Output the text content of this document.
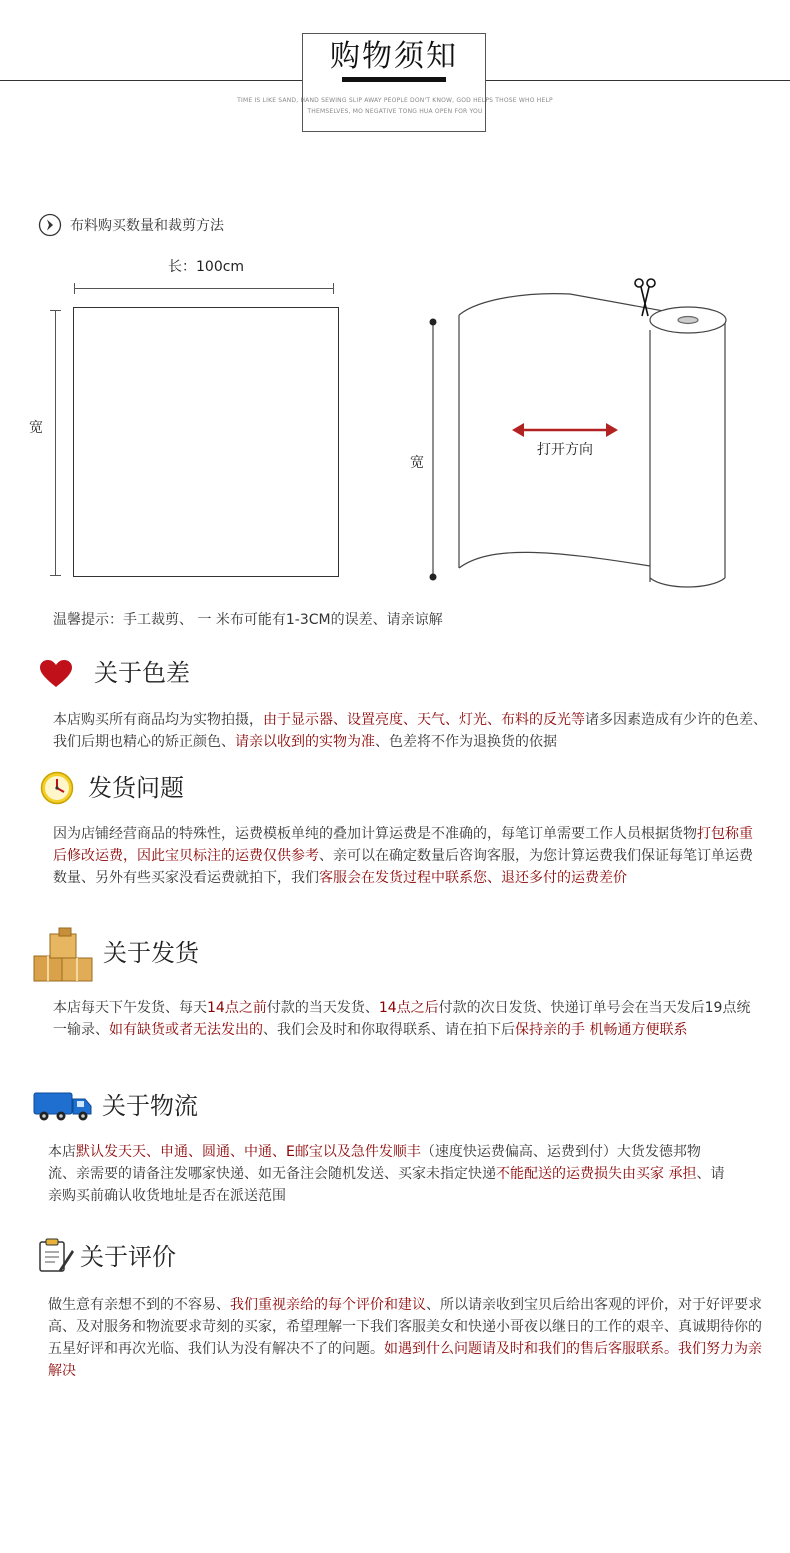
购物须知
TIME IS LIKE SAND, HAND SEWING SLIP AWAY PEOPLE DON'T KNOW, GOD HELPS THOSE WHO HELP
THEMSELVES, MO NEGATIVE TONG HUA OPEN FOR YOU
布料购买数量和裁剪方法
长：100cm
宽
宽
打开方向
温馨提示：手工裁剪、 一 米布可能有1-3CM的误差、请亲谅解
关于色差
本店购买所有商品均为实物拍摄，由于显示器、设置亮度、天气、灯光、布料的反光等诸多因素造成有少许的色差、我们后期也精心的矫正颜色、请亲以收到的实物为准、色差将不作为退换货的依据
发货问题
因为店铺经营商品的特殊性，运费模板单纯的叠加计算运费是不准确的，每笔订单需要工作人员根据货物打包称重后修改运费，因此宝贝标注的运费仅供参考、亲可以在确定数量后咨询客服，为您计算运费我们保证每笔订单运费数量、另外有些买家没看运费就拍下，我们客服会在发货过程中联系您、退还多付的运费差价
关于发货
本店每天下午发货、每天14点之前付款的当天发货、14点之后付款的次日发货、快递订单号会在当天发后19点统一输录、如有缺货或者无法发出的、我们会及时和你取得联系、请在拍下后保持亲的手 机畅通方便联系
关于物流
本店默认发天天、申通、圆通、中通、E邮宝以及急件发顺丰（速度快运费偏高、运费到付）大货发德邦物流、亲需要的请备注发哪家快递、如无备注会随机发送、买家未指定快递不能配送的运费损失由买家 承担、请亲购买前确认收货地址是否在派送范围
关于评价
做生意有亲想不到的不容易、我们重视亲给的每个评价和建议、所以请亲收到宝贝后给出客观的评价，对于好评要求高、及对服务和物流要求苛刻的买家，希望理解一下我们客服美女和快递小哥夜以继日的工作的艰辛、真诚期待你的五星好评和再次光临、我们认为没有解决不了的问题。如遇到什么问题请及时和我们的售后客服联系。我们努力为亲解决
